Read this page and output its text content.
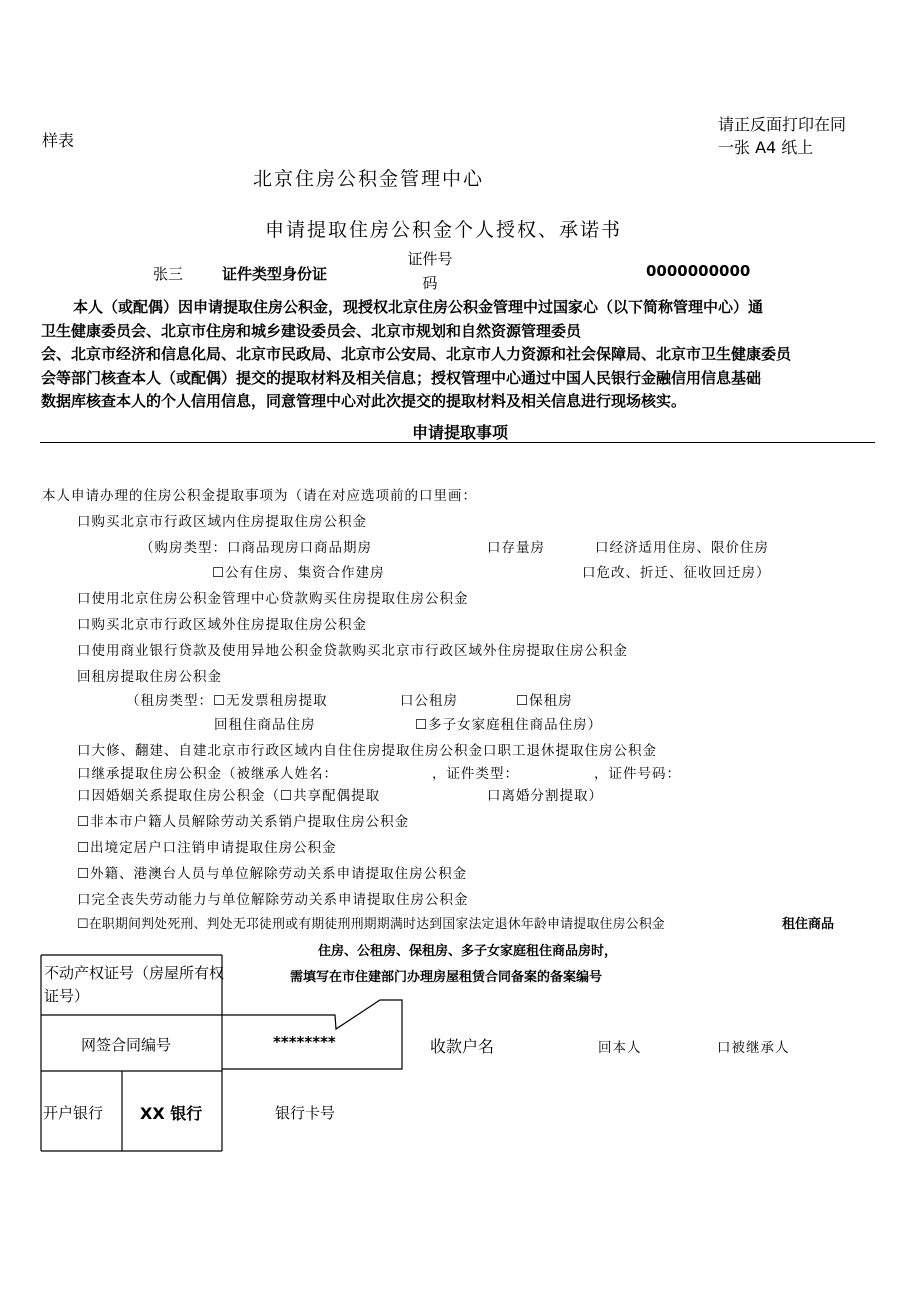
样表
请正反面打印在同一张 A4 纸上
北京住房公积金管理中心
申请提取住房公积金个人授权、承诺书
张三	证件类型身份证
证件号码
0000000000

本人（或配偶）因申请提取住房公积金，现授权北京住房公积金管理中过国家心（以下简称管理中心）通

卫生健康委员会、北京市住房和城乡建设委员会、北京市规划和自然资源管理委员

会、北京市经济和信息化局、北京市民政局、北京市公安局、北京市人力资源和社会保障局、北京市卫生健康委员

会等部门核查本人（或配偶）提交的提取材料及相关信息；授权管理中心通过中国人民银行金融信用信息基础

数据库核查本人的个人信用信息，同意管理中心对此次提交的提取材料及相关信息进行现场核实。

申请提取事项
本人申请办理的住房公积金提取事项为（请在对应选项前的口里画：
口购买北京市行政区域内住房提取住房公积金
（购房类型：口商品现房口商品期房	口存量房	口经济适用住房、限价住房
☐公有住房、集资合作建房	口危改、折迁、征收回迁房）
口使用北京住房公积金管理中心贷款购买住房提取住房公积金
口购买北京市行政区域外住房提取住房公积金
口使用商业银行贷款及使用异地公积金贷款购买北京市行政区域外住房提取住房公积金
回租房提取住房公积金
（租房类型：☐无发票租房提取	口公租房	☐保租房
回租住商品住房	☐多子女家庭租住商品住房）
口大修、翻建、自建北京市行政区域内自住住房提取住房公积金口职工退休提取住房公积金
口继承提取住房公积金（被继承人姓名：	，证件类型：	，证件号码：
口因婚姻关系提取住房公积金（☐共享配偶提取	口离婚分割提取）
☐非本市户籍人员解除劳动关系销户提取住房公积金
☐出境定居户口注销申请提取住房公积金
☐外籍、港澳台人员与单位解除劳动关系申请提取住房公积金
口完全丧失劳动能力与单位解除劳动关系申请提取住房公积金
☐在职期间判处死刑、判处无邛徒刑或有期徒刑刑期期满时达到国家法定退休年龄申请提取住房公积金	租住商品
住房、公租房、保租房、多子女家庭租住商品房时，
需填写在市住建部门办理房屋租赁合同备案的备案编号
不动产权证号（房屋所有权证号）
网签合同编号	********	收款户名	回本人	口被继承人
开户银行 XX 银行	银行卡号
